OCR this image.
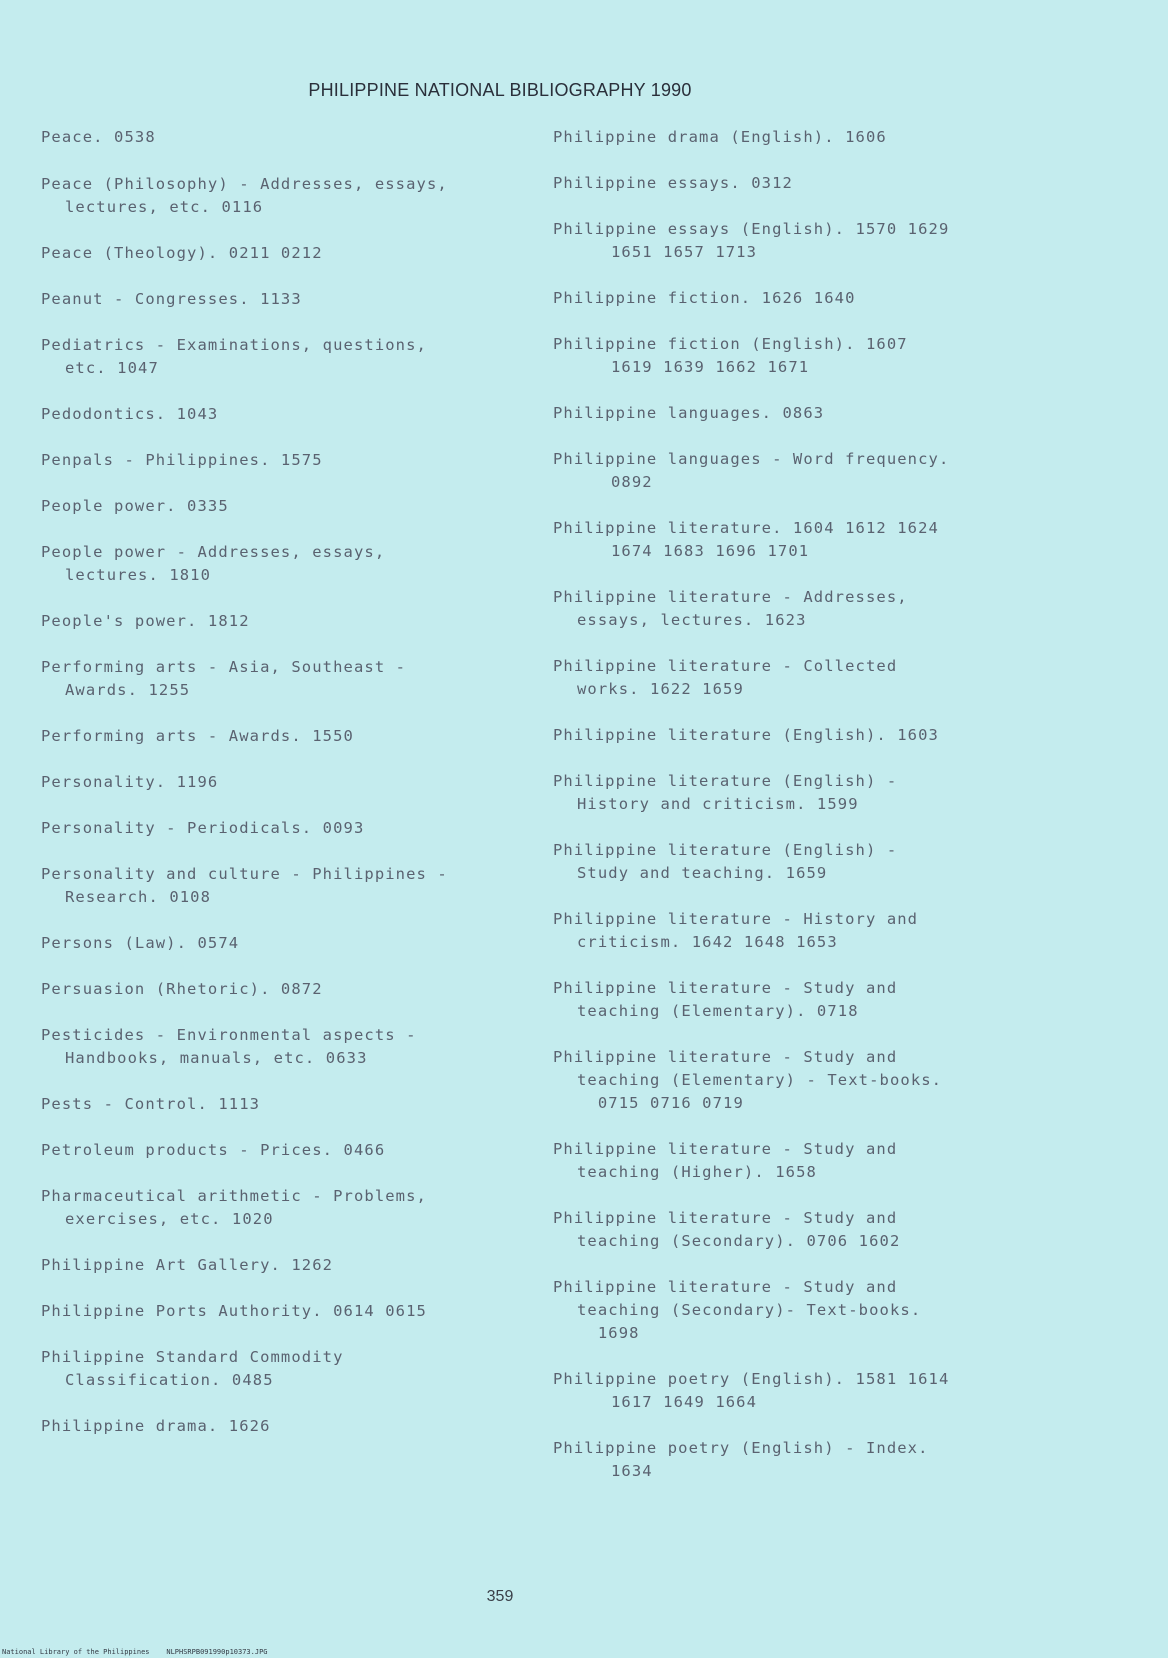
PHILIPPINE NATIONAL BIBLIOGRAPHY 1990
Peace. 0538
Peace (Philosophy) - Addresses, essays,
lectures, etc. 0116
Peace (Theology). 0211 0212
Peanut - Congresses. 1133
Pediatrics - Examinations, questions,
etc. 1047
Pedodontics. 1043
Penpals - Philippines. 1575
People power. 0335
People power - Addresses, essays,
lectures. 1810
People's power. 1812
Performing arts - Asia, Southeast -
Awards. 1255
Performing arts - Awards. 1550
Personality. 1196
Personality - Periodicals. 0093
Personality and culture - Philippines -
Research. 0108
Persons (Law). 0574
Persuasion (Rhetoric). 0872
Pesticides - Environmental aspects -
Handbooks, manuals, etc. 0633
Pests - Control. 1113
Petroleum products - Prices. 0466
Pharmaceutical arithmetic - Problems,
exercises, etc. 1020
Philippine Art Gallery. 1262
Philippine Ports Authority. 0614 0615
Philippine Standard Commodity
Classification. 0485
Philippine drama. 1626
Philippine drama (English). 1606
Philippine essays. 0312
Philippine essays (English). 1570 1629
1651 1657 1713
Philippine fiction. 1626 1640
Philippine fiction (English). 1607
1619 1639 1662 1671
Philippine languages. 0863
Philippine languages - Word frequency.
0892
Philippine literature. 1604 1612 1624
1674 1683 1696 1701
Philippine literature - Addresses,
essays, lectures. 1623
Philippine literature - Collected
works. 1622 1659
Philippine literature (English). 1603
Philippine literature (English) -
History and criticism. 1599
Philippine literature (English) -
Study and teaching. 1659
Philippine literature - History and
criticism. 1642 1648 1653
Philippine literature - Study and
teaching (Elementary). 0718
Philippine literature - Study and
teaching (Elementary) - Text-books.
0715 0716 0719
Philippine literature - Study and
teaching (Higher). 1658
Philippine literature - Study and
teaching (Secondary). 0706 1602
Philippine literature - Study and
teaching (Secondary)- Text-books.
1698
Philippine poetry (English). 1581 1614
1617 1649 1664
Philippine poetry (English) - Index.
1634
359
National Library of the Philippines    NLPHSRPB091990p10373.JPG
